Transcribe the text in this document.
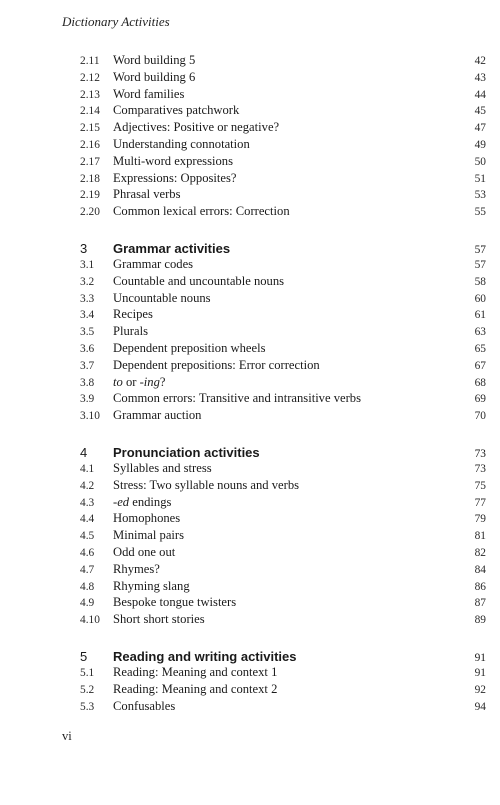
Dictionary Activities
2.11	Word building 5	42
2.12	Word building 6	43
2.13	Word families	44
2.14	Comparatives patchwork	45
2.15	Adjectives: Positive or negative?	47
2.16	Understanding connotation	49
2.17	Multi-word expressions	50
2.18	Expressions: Opposites?	51
2.19	Phrasal verbs	53
2.20	Common lexical errors: Correction	55
3	Grammar activities	57
3.1	Grammar codes	57
3.2	Countable and uncountable nouns	58
3.3	Uncountable nouns	60
3.4	Recipes	61
3.5	Plurals	63
3.6	Dependent preposition wheels	65
3.7	Dependent prepositions: Error correction	67
3.8	to or -ing?	68
3.9	Common errors: Transitive and intransitive verbs	69
3.10	Grammar auction	70
4	Pronunciation activities	73
4.1	Syllables and stress	73
4.2	Stress: Two syllable nouns and verbs	75
4.3	-ed endings	77
4.4	Homophones	79
4.5	Minimal pairs	81
4.6	Odd one out	82
4.7	Rhymes?	84
4.8	Rhyming slang	86
4.9	Bespoke tongue twisters	87
4.10	Short short stories	89
5	Reading and writing activities	91
5.1	Reading: Meaning and context 1	91
5.2	Reading: Meaning and context 2	92
5.3	Confusables	94
vi
